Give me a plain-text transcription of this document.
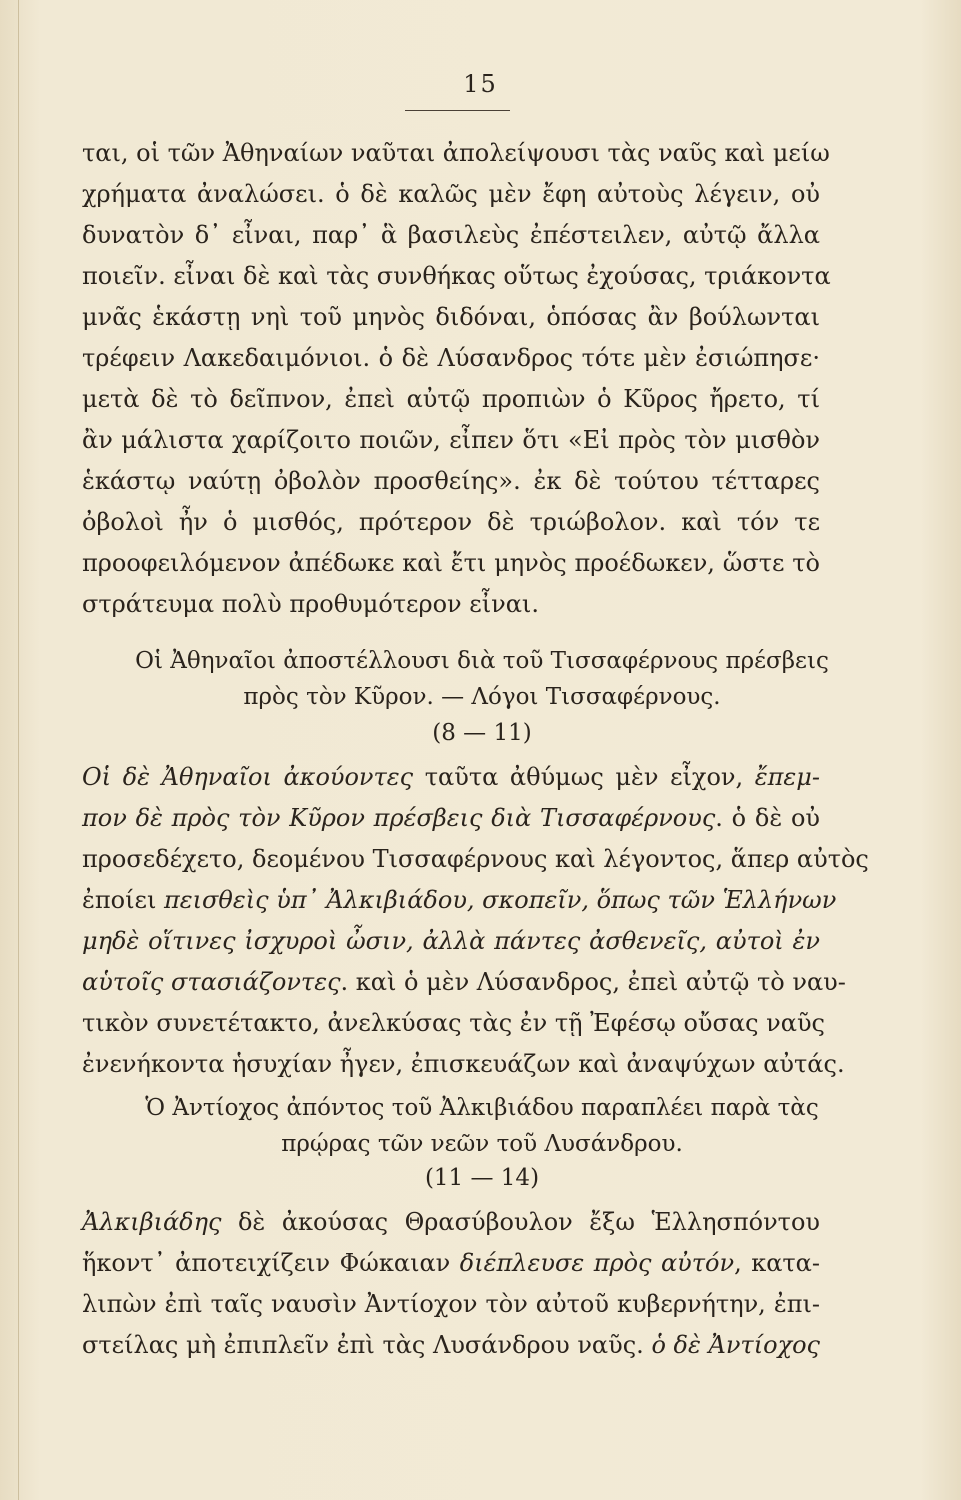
15
ται, οἱ τῶν Ἀθηναίων ναῦται ἀπολείψουσι τὰς ναῦς καὶ μείω
χρήματα ἀναλώσει. ὁ δὲ καλῶς μὲν ἔφη αὐτοὺς λέγειν, οὐ
δυνατὸν δ᾽ εἶναι, παρ᾽ ἃ βασιλεὺς ἐπέστειλεν, αὐτῷ ἄλλα
ποιεῖν. εἶναι δὲ καὶ τὰς συνθήκας οὕτως ἐχούσας, τριάκοντα
μνᾶς ἑκάστῃ νηὶ τοῦ μηνὸς διδόναι, ὁπόσας ἂν βούλωνται
τρέφειν Λακεδαιμόνιοι. ὁ δὲ Λύσανδρος τότε μὲν ἐσιώπησε·
μετὰ δὲ τὸ δεῖπνον, ἐπεὶ αὐτῷ προπιὼν ὁ Κῦρος ἤρετο, τί
ἂν μάλιστα χαρίζοιτο ποιῶν, εἶπεν ὅτι «Εἰ πρὸς τὸν μισθὸν
ἑκάστῳ ναύτῃ ὀβολὸν προσθείης». ἐκ δὲ τούτου τέτταρες
ὀβολοὶ ἦν ὁ μισθός, πρότερον δὲ τριώβολον. καὶ τόν τε
προοφειλόμενον ἀπέδωκε καὶ ἔτι μηνὸς προέδωκεν, ὥστε τὸ
στράτευμα πολὺ προθυμότερον εἶναι.
Οἱ Ἀθηναῖοι ἀποστέλλουσι διὰ τοῦ Τισσαφέρνους πρέσβεις
πρὸς τὸν Κῦρον. — Λόγοι Τισσαφέρνους.
(8 — 11)
Οἱ δὲ Ἀθηναῖοι ἀκούοντες ταῦτα ἀθύμως μὲν εἶχον, ἔπεμ-
πον δὲ πρὸς τὸν Κῦρον πρέσβεις διὰ Τισσαφέρνους. ὁ δὲ οὐ
προσεδέχετο, δεομένου Τισσαφέρνους καὶ λέγοντος, ἅπερ αὐτὸς
ἐποίει πεισθεὶς ὑπ᾽ Ἀλκιβιάδου, σκοπεῖν, ὅπως τῶν Ἑλλήνων
μηδὲ οἵτινες ἰσχυροὶ ὦσιν, ἀλλὰ πάντες ἀσθενεῖς, αὐτοὶ ἐν
αὑτοῖς στασιάζοντες. καὶ ὁ μὲν Λύσανδρος, ἐπεὶ αὐτῷ τὸ ναυ-
τικὸν συνετέτακτο, ἀνελκύσας τὰς ἐν τῇ Ἐφέσῳ οὔσας ναῦς
ἐνενήκοντα ἡσυχίαν ἦγεν, ἐπισκευάζων καὶ ἀναψύχων αὐτάς.
Ὁ Ἀντίοχος ἀπόντος τοῦ Ἀλκιβιάδου παραπλέει παρὰ τὰς
πρῴρας τῶν νεῶν τοῦ Λυσάνδρου.
(11 — 14)
Ἀλκιβιάδης δὲ ἀκούσας Θρασύβουλον ἔξω Ἑλλησπόντου
ἥκοντ᾽ ἀποτειχίζειν Φώκαιαν διέπλευσε πρὸς αὐτόν, κατα-
λιπὼν ἐπὶ ταῖς ναυσὶν Ἀντίοχον τὸν αὐτοῦ κυβερνήτην, ἐπι-
στείλας μὴ ἐπιπλεῖν ἐπὶ τὰς Λυσάνδρου ναῦς. ὁ δὲ Ἀντίοχος
